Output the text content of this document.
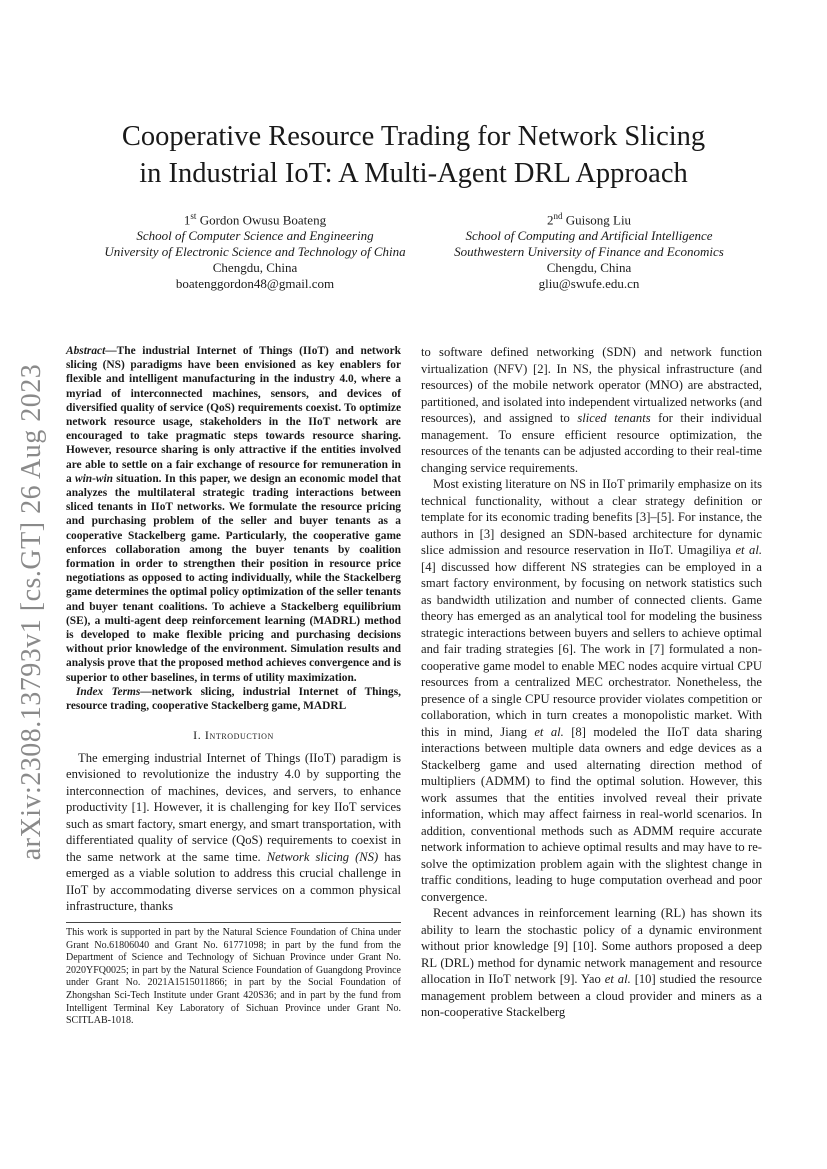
arXiv:2308.13793v1 [cs.GT] 26 Aug 2023
Cooperative Resource Trading for Network Slicing
in Industrial IoT: A Multi-Agent DRL Approach
1st Gordon Owusu Boateng
School of Computer Science and Engineering
University of Electronic Science and Technology of China
Chengdu, China
boatenggordon48@gmail.com
2nd Guisong Liu
School of Computing and Artificial Intelligence
Southwestern University of Finance and Economics
Chengdu, China
gliu@swufe.edu.cn

Abstract—The industrial Internet of Things (IIoT) and network slicing (NS) paradigms have been envisioned as key enablers for flexible and intelligent manufacturing in the industry 4.0, where a myriad of interconnected machines, sensors, and devices of diversified quality of service (QoS) requirements coexist. To optimize network resource usage, stakeholders in the IIoT network are encouraged to take pragmatic steps towards resource sharing. However, resource sharing is only attractive if the entities involved are able to settle on a fair exchange of resource for remuneration in a win-win situation. In this paper, we design an economic model that analyzes the multilateral strategic trading interactions between sliced tenants in IIoT networks. We formulate the resource pricing and purchasing problem of the seller and buyer tenants as a cooperative Stackelberg game. Particularly, the cooperative game enforces collaboration among the buyer tenants by coalition formation in order to strengthen their position in resource price negotiations as opposed to acting individually, while the Stackelberg game determines the optimal policy optimization of the seller tenants and buyer tenant coalitions. To achieve a Stackelberg equilibrium (SE), a multi-agent deep reinforcement learning (MADRL) method is developed to make flexible pricing and purchasing decisions without prior knowledge of the environment. Simulation results and analysis prove that the proposed method achieves convergence and is superior to other baselines, in terms of utility maximization.

Index Terms—network slicing, industrial Internet of Things, resource trading, cooperative Stackelberg game, MADRL

I. Introduction

The emerging industrial Internet of Things (IIoT) paradigm is envisioned to revolutionize the industry 4.0 by supporting the interconnection of machines, devices, and servers, to enhance productivity [1]. However, it is challenging for key IIoT services such as smart factory, smart energy, and smart transportation, with differentiated quality of service (QoS) requirements to coexist in the same network at the same time. Network slicing (NS) has emerged as a viable solution to address this crucial challenge in IIoT by accommodating diverse services on a common physical infrastructure, thanks

to software defined networking (SDN) and network function virtualization (NFV) [2]. In NS, the physical infrastructure (and resources) of the mobile network operator (MNO) are abstracted, partitioned, and isolated into independent virtualized networks (and resources), and assigned to sliced tenants for their individual management. To ensure efficient resource optimization, the resources of the tenants can be adjusted according to their real-time changing service requirements.

Most existing literature on NS in IIoT primarily emphasize on its technical functionality, without a clear strategy definition or template for its economic trading benefits [3]–[5]. For instance, the authors in [3] designed an SDN-based architecture for dynamic slice admission and resource reservation in IIoT. Umagiliya et al. [4] discussed how different NS strategies can be employed in a smart factory environment, by focusing on network statistics such as bandwidth utilization and number of connected clients. Game theory has emerged as an analytical tool for modeling the business strategic interactions between buyers and sellers to achieve optimal and fair trading strategies [6]. The work in [7] formulated a non-cooperative game model to enable MEC nodes acquire virtual CPU resources from a centralized MEC orchestrator. Nonetheless, the presence of a single CPU resource provider violates competition or collaboration, which in turn creates a monopolistic market. With this in mind, Jiang et al. [8] modeled the IIoT data sharing interactions between multiple data owners and edge devices as a Stackelberg game and used alternating direction method of multipliers (ADMM) to find the optimal solution. However, this work assumes that the entities involved reveal their private information, which may affect fairness in real-world scenarios. In addition, conventional methods such as ADMM require accurate network information to achieve optimal results and may have to re-solve the optimization problem again with the slightest change in traffic conditions, leading to huge computation overhead and poor convergence.

Recent advances in reinforcement learning (RL) has shown its ability to learn the stochastic policy of a dynamic environment without prior knowledge [9] [10]. Some authors proposed a deep RL (DRL) method for dynamic network management and resource allocation in IIoT network [9]. Yao et al. [10] studied the resource management problem between a cloud provider and miners as a non-cooperative Stackelberg

This work is supported in part by the Natural Science Foundation of China under Grant No.61806040 and Grant No. 61771098; in part by the fund from the Department of Science and Technology of Sichuan Province under Grant No. 2020YFQ0025; in part by the Natural Science Foundation of Guangdong Province under Grant No. 2021A1515011866; in part by the Social Foundation of Zhongshan Sci-Tech Institute under Grant 420S36; and in part by the fund from Intelligent Terminal Key Laboratory of Sichuan Province under Grant No. SCITLAB-1018.
